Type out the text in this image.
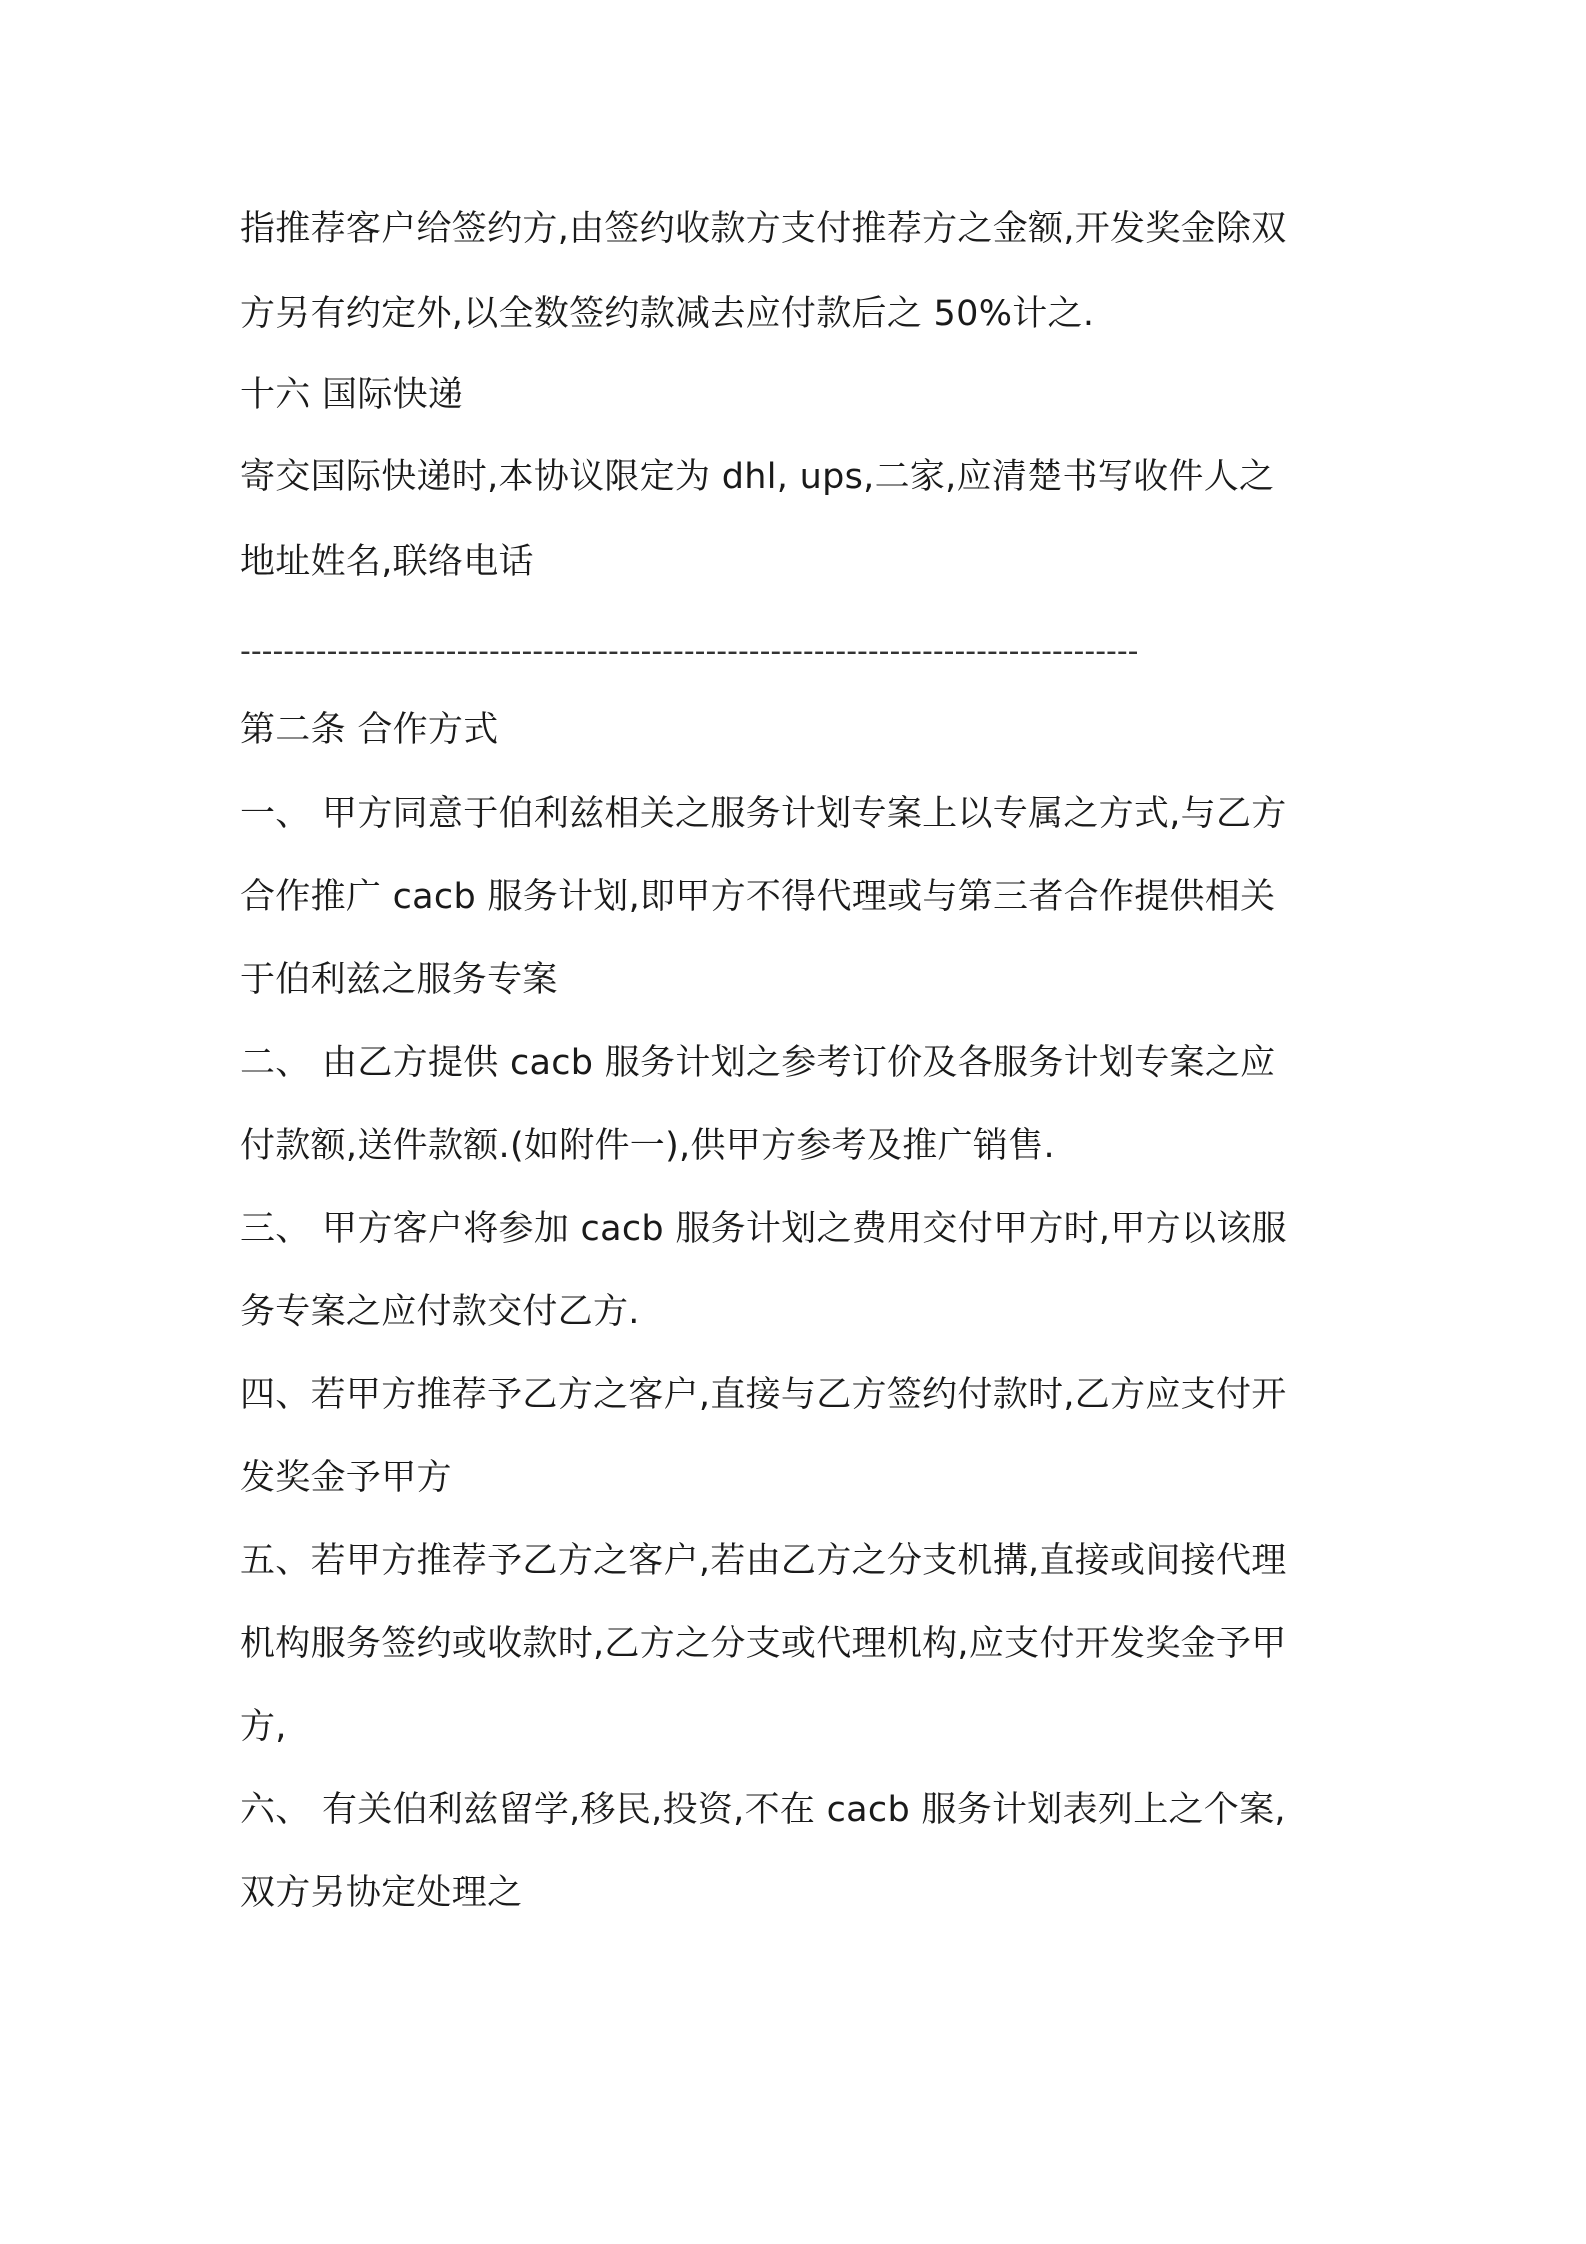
指推荐客户给签约方,由签约收款方支付推荐方之金额,开发奖金除双
方另有约定外,以全数签约款减去应付款后之 50%计之.
十六 国际快递
寄交国际快递时,本协议限定为 dhl, ups,二家,应清楚书写收件人之
地址姓名,联络电话
-----------------------------------------------------------------------------------
第二条 合作方式
一、 甲方同意于伯利兹相关之服务计划专案上以专属之方式,与乙方
合作推广 cacb 服务计划,即甲方不得代理或与第三者合作提供相关
于伯利兹之服务专案
二、 由乙方提供 cacb 服务计划之参考订价及各服务计划专案之应
付款额,送件款额.(如附件一),供甲方参考及推广销售.
三、 甲方客户将参加 cacb 服务计划之费用交付甲方时,甲方以该服
务专案之应付款交付乙方.
四、若甲方推荐予乙方之客户,直接与乙方签约付款时,乙方应支付开
发奖金予甲方
五、若甲方推荐予乙方之客户,若由乙方之分支机搆,直接或间接代理
机构服务签约或收款时,乙方之分支或代理机构,应支付开发奖金予甲
方,
六、 有关伯利兹留学,移民,投资,不在 cacb 服务计划表列上之个案,
双方另协定处理之
